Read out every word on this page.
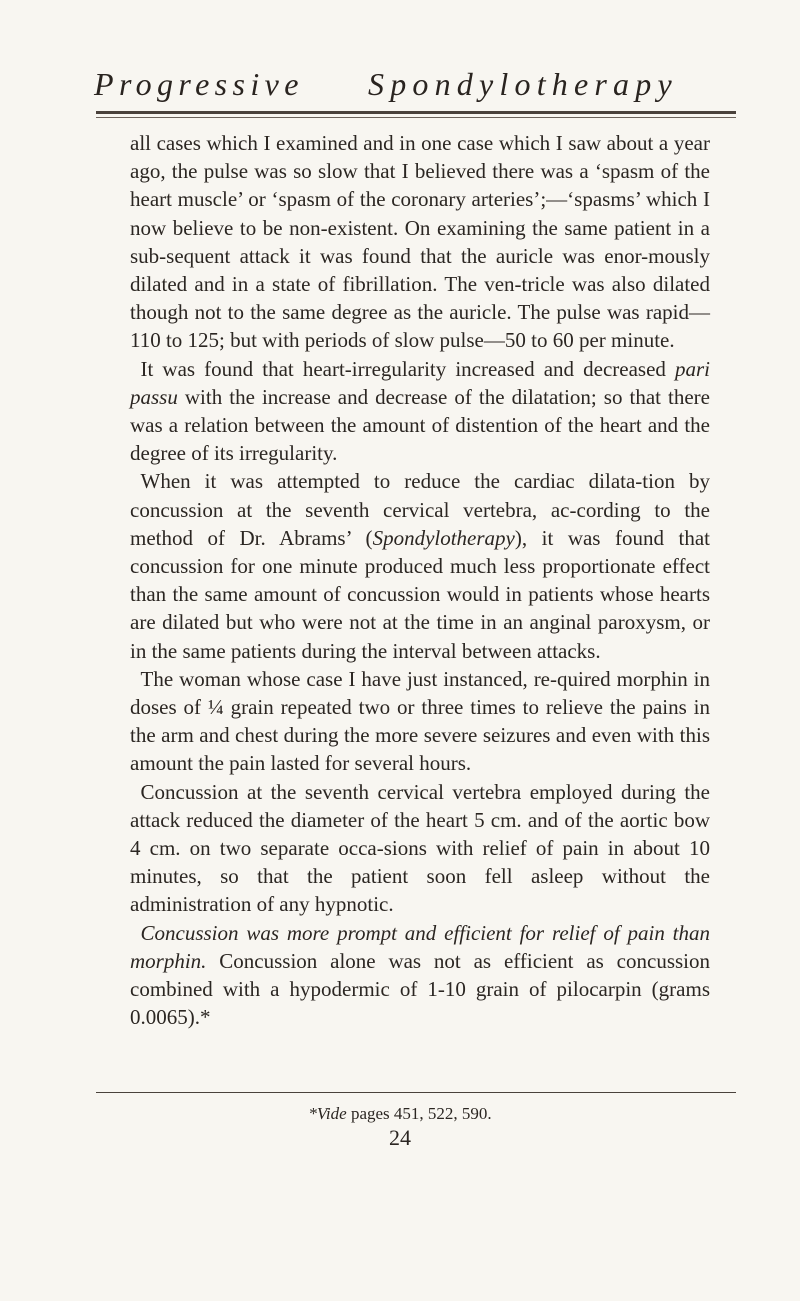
Progressive Spondylotherapy

all cases which I examined and in one case which I saw about a year ago, the pulse was so slow that I believed there was a ‘spasm of the heart muscle’ or ‘spasm of the coronary arteries’;—‘spasms’ which I now believe to be non-existent. On examining the same patient in a sub-sequent attack it was found that the auricle was enor-mously dilated and in a state of fibrillation. The ven-tricle was also dilated though not to the same degree as the auricle. The pulse was rapid—110 to 125; but with periods of slow pulse—50 to 60 per minute.

 It was found that heart-irregularity increased and decreased pari passu with the increase and decrease of the dilatation; so that there was a relation between the amount of distention of the heart and the degree of its irregularity.

 When it was attempted to reduce the cardiac dilata-tion by concussion at the seventh cervical vertebra, ac-cording to the method of Dr. Abrams’ (Spondylotherapy), it was found that concussion for one minute produced much less proportionate effect than the same amount of concussion would in patients whose hearts are dilated but who were not at the time in an anginal paroxysm, or in the same patients during the interval between attacks.

 The woman whose case I have just instanced, re-quired morphin in doses of ¼ grain repeated two or three times to relieve the pains in the arm and chest during the more severe seizures and even with this amount the pain lasted for several hours.

 Concussion at the seventh cervical vertebra employed during the attack reduced the diameter of the heart 5 cm. and of the aortic bow 4 cm. on two separate occa-sions with relief of pain in about 10 minutes, so that the patient soon fell asleep without the administration of any hypnotic.

 Concussion was more prompt and efficient for relief of pain than morphin. Concussion alone was not as efficient as concussion combined with a hypodermic of 1-10 grain of pilocarpin (grams 0.0065).*

*Vide pages 451, 522, 590.
24
